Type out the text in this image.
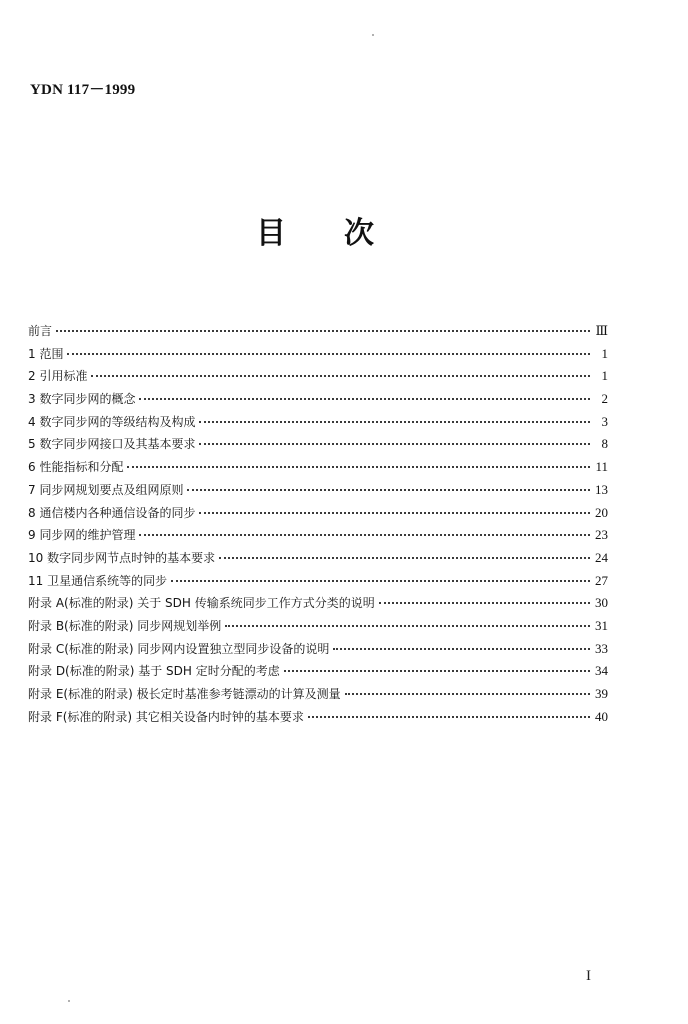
YDN 117－1999
目 次
前言	Ⅲ
1 范围	1
2 引用标准	1
3 数字同步网的概念	2
4 数字同步网的等级结构及构成	3
5 数字同步网接口及其基本要求	8
6 性能指标和分配	11
7 同步网规划要点及组网原则	13
8 通信楼内各种通信设备的同步	20
9 同步网的维护管理	23
10 数字同步网节点时钟的基本要求	24
11 卫星通信系统等的同步	27
附录 A(标准的附录) 关于 SDH 传输系统同步工作方式分类的说明	30
附录 B(标准的附录) 同步网规划举例	31
附录 C(标准的附录) 同步网内设置独立型同步设备的说明	33
附录 D(标准的附录) 基于 SDH 定时分配的考虑	34
附录 E(标准的附录) 极长定时基准参考链漂动的计算及测量	39
附录 F(标准的附录) 其它相关设备内时钟的基本要求	40
I
